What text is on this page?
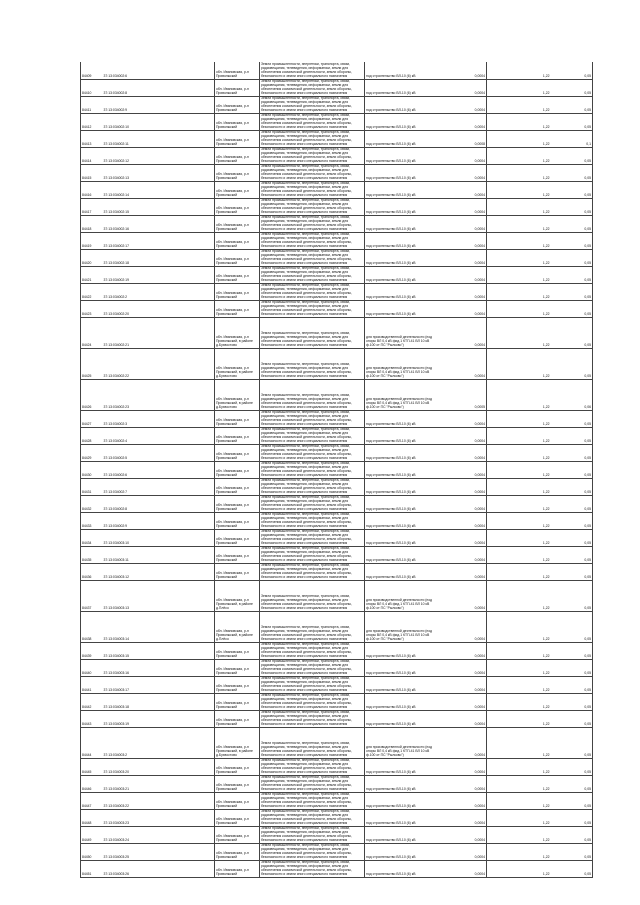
84409	37:13:034002:6	обл. Ивановская, р-н Приволжский	Земли промышленности, энергетики, транспорта, связи, радиовещания, телевидения, информатики, земли для обеспечения космической деятельности, земли обороны, безопасности и земли иного специального назначения	под строительство ВЛ-10 (6) кВ	0,0004	1,22	0,05
84410	37:13:034002:8	обл. Ивановская, р-н Приволжский	Земли промышленности, энергетики, транспорта, связи, радиовещания, телевидения, информатики, земли для обеспечения космической деятельности, земли обороны, безопасности и земли иного специального назначения	под строительство ВЛ-10 (6) кВ	0,0004	1,22	0,05
84411	37:13:034002:9	обл. Ивановская, р-н Приволжский	Земли промышленности, энергетики, транспорта, связи, радиовещания, телевидения, информатики, земли для обеспечения космической деятельности, земли обороны, безопасности и земли иного специального назначения	под строительство ВЛ-10 (6) кВ	0,0004	1,22	0,05
84412	37:13:034002:10	обл. Ивановская, р-н Приволжский	Земли промышленности, энергетики, транспорта, связи, радиовещания, телевидения, информатики, земли для обеспечения космической деятельности, земли обороны, безопасности и земли иного специального назначения	под строительство ВЛ-10 (6) кВ	0,0004	1,22	0,05
84413	37:13:034002:11	обл. Ивановская, р-н Приволжский	Земли промышленности, энергетики, транспорта, связи, радиовещания, телевидения, информатики, земли для обеспечения космической деятельности, земли обороны, безопасности и земли иного специального назначения	под строительство ВЛ-10 (6) кВ	0,0008	1,22	0,1
84414	37:13:034002:12	обл. Ивановская, р-н Приволжский	Земли промышленности, энергетики, транспорта, связи, радиовещания, телевидения, информатики, земли для обеспечения космической деятельности, земли обороны, безопасности и земли иного специального назначения	под строительство ВЛ-10 (6) кВ	0,0004	1,22	0,05
84415	37:13:034002:13	обл. Ивановская, р-н Приволжский	Земли промышленности, энергетики, транспорта, связи, радиовещания, телевидения, информатики, земли для обеспечения космической деятельности, земли обороны, безопасности и земли иного специального назначения	под строительство ВЛ-10 (6) кВ	0,0004	1,22	0,05
84416	37:13:034002:14	обл. Ивановская, р-н Приволжский	Земли промышленности, энергетики, транспорта, связи, радиовещания, телевидения, информатики, земли для обеспечения космической деятельности, земли обороны, безопасности и земли иного специального назначения	под строительство ВЛ-10 (6) кВ	0,0004	1,22	0,05
84417	37:13:034002:15	обл. Ивановская, р-н Приволжский	Земли промышленности, энергетики, транспорта, связи, радиовещания, телевидения, информатики, земли для обеспечения космической деятельности, земли обороны, безопасности и земли иного специального назначения	под строительство ВЛ-10 (6) кВ	0,0004	1,22	0,05
84418	37:13:034002:16	обл. Ивановская, р-н Приволжский	Земли промышленности, энергетики, транспорта, связи, радиовещания, телевидения, информатики, земли для обеспечения космической деятельности, земли обороны, безопасности и земли иного специального назначения	под строительство ВЛ-10 (6) кВ	0,0004	1,22	0,05
84419	37:13:034002:17	обл. Ивановская, р-н Приволжский	Земли промышленности, энергетики, транспорта, связи, радиовещания, телевидения, информатики, земли для обеспечения космической деятельности, земли обороны, безопасности и земли иного специального назначения	под строительство ВЛ-10 (6) кВ	0,0004	1,22	0,05
84420	37:13:034002:18	обл. Ивановская, р-н Приволжский	Земли промышленности, энергетики, транспорта, связи, радиовещания, телевидения, информатики, земли для обеспечения космической деятельности, земли обороны, безопасности и земли иного специального назначения	под строительство ВЛ-10 (6) кВ	0,0004	1,22	0,05
84421	37:13:034002:19	обл. Ивановская, р-н Приволжский	Земли промышленности, энергетики, транспорта, связи, радиовещания, телевидения, информатики, земли для обеспечения космической деятельности, земли обороны, безопасности и земли иного специального назначения	под строительство ВЛ-10 (6) кВ	0,0004	1,22	0,05
84422	37:13:034002:2	обл. Ивановская, р-н Приволжский	Земли промышленности, энергетики, транспорта, связи, радиовещания, телевидения, информатики, земли для обеспечения космической деятельности, земли обороны, безопасности и земли иного специального назначения	под строительство ВЛ-10 (6) кВ	0,0004	1,22	0,05
84423	37:13:034002:20	обл. Ивановская, р-н Приволжский	Земли промышленности, энергетики, транспорта, связи, радиовещания, телевидения, информатики, земли для обеспечения космической деятельности, земли обороны, безопасности и земли иного специального назначения	под строительство ВЛ-10 (6) кВ	0,0004	1,22	0,05
84424	37:13:034002:21	обл. Ивановская, р-н Приволжский, в районе д.Бухвостово	Земли промышленности, энергетики, транспорта, связи, радиовещания, телевидения, информатики, земли для обеспечения космической деятельности, земли обороны, безопасности и земли иного специального назначения	для производственной деятельности (под опоры ВЛ 0,4 кВ фид.1 КТП-41 ВЛ 10 кВ ф.100 от ПС "Рылково")	0,0004	1,22	0,05
84425	37:13:034002:22	обл. Ивановская, р-н Приволжский, в районе д.Бухвостово	Земли промышленности, энергетики, транспорта, связи, радиовещания, телевидения, информатики, земли для обеспечения космической деятельности, земли обороны, безопасности и земли иного специального назначения	для производственной деятельности (под опоры ВЛ 0,4 кВ фид.1 КТП-41 ВЛ 10 кВ ф.100 от ПС "Рылково")	0,0004	1,22	0,05
84426	37:13:034002:23	обл. Ивановская, р-н Приволжский, в районе д.Бухвостово	Земли промышленности, энергетики, транспорта, связи, радиовещания, телевидения, информатики, земли для обеспечения космической деятельности, земли обороны, безопасности и земли иного специального назначения	для производственной деятельности (под опоры ВЛ 0,4 кВ фид.1 КТП-41 ВЛ 10 кВ ф.100 от ПС "Рылково")	0,0005	1,22	0,06
84427	37:13:034002:3	обл. Ивановская, р-н Приволжский	Земли промышленности, энергетики, транспорта, связи, радиовещания, телевидения, информатики, земли для обеспечения космической деятельности, земли обороны, безопасности и земли иного специального назначения	под строительство ВЛ-10 (6) кВ	0,0004	1,22	0,05
84428	37:13:034002:4	обл. Ивановская, р-н Приволжский	Земли промышленности, энергетики, транспорта, связи, радиовещания, телевидения, информатики, земли для обеспечения космической деятельности, земли обороны, безопасности и земли иного специального назначения	под строительство ВЛ-10 (6) кВ	0,0004	1,22	0,05
84429	37:13:034002:5	обл. Ивановская, р-н Приволжский	Земли промышленности, энергетики, транспорта, связи, радиовещания, телевидения, информатики, земли для обеспечения космической деятельности, земли обороны, безопасности и земли иного специального назначения	под строительство ВЛ-10 (6) кВ	0,0004	1,22	0,05
84430	37:13:034002:6	обл. Ивановская, р-н Приволжский	Земли промышленности, энергетики, транспорта, связи, радиовещания, телевидения, информатики, земли для обеспечения космической деятельности, земли обороны, безопасности и земли иного специального назначения	под строительство ВЛ-10 (6) кВ	0,0004	1,22	0,05
84431	37:13:034002:7	обл. Ивановская, р-н Приволжский	Земли промышленности, энергетики, транспорта, связи, радиовещания, телевидения, информатики, земли для обеспечения космической деятельности, земли обороны, безопасности и земли иного специального назначения	под строительство ВЛ-10 (6) кВ	0,0004	1,22	0,05
84432	37:13:034002:8	обл. Ивановская, р-н Приволжский	Земли промышленности, энергетики, транспорта, связи, радиовещания, телевидения, информатики, земли для обеспечения космической деятельности, земли обороны, безопасности и земли иного специального назначения	под строительство ВЛ-10 (6) кВ	0,0004	1,22	0,05
84433	37:13:034002:9	обл. Ивановская, р-н Приволжский	Земли промышленности, энергетики, транспорта, связи, радиовещания, телевидения, информатики, земли для обеспечения космической деятельности, земли обороны, безопасности и земли иного специального назначения	под строительство ВЛ-10 (6) кВ	0,0004	1,22	0,05
84434	37:13:034003:10	обл. Ивановская, р-н Приволжский	Земли промышленности, энергетики, транспорта, связи, радиовещания, телевидения, информатики, земли для обеспечения космической деятельности, земли обороны, безопасности и земли иного специального назначения	под строительство ВЛ-10 (6) кВ	0,0004	1,22	0,05
84435	37:13:034003:11	обл. Ивановская, р-н Приволжский	Земли промышленности, энергетики, транспорта, связи, радиовещания, телевидения, информатики, земли для обеспечения космической деятельности, земли обороны, безопасности и земли иного специального назначения	под строительство ВЛ-10 (6) кВ	0,0004	1,22	0,05
84436	37:13:034003:12	обл. Ивановская, р-н Приволжский	Земли промышленности, энергетики, транспорта, связи, радиовещания, телевидения, информатики, земли для обеспечения космической деятельности, земли обороны, безопасности и земли иного специального назначения	под строительство ВЛ-10 (6) кВ	0,0004	1,22	0,05
84437	37:13:034003:13	обл. Ивановская, р-н Приволжский, в районе д.Плёсо	Земли промышленности, энергетики, транспорта, связи, радиовещания, телевидения, информатики, земли для обеспечения космической деятельности, земли обороны, безопасности и земли иного специального назначения	для производственной деятельности (под опоры ВЛ 0,4 кВ фид.1 КТП-41 ВЛ 10 кВ ф.100 от ПС "Рылково")	0,0004	1,22	0,05
84438	37:13:034003:14	обл. Ивановская, р-н Приволжский, в районе д.Плёсо	Земли промышленности, энергетики, транспорта, связи, радиовещания, телевидения, информатики, земли для обеспечения космической деятельности, земли обороны, безопасности и земли иного специального назначения	для производственной деятельности (под опоры ВЛ 0,4 кВ фид.1 КТП-41 ВЛ 10 кВ ф.100 от ПС "Рылково")	0,0004	1,22	0,05
84439	37:13:034003:15	обл. Ивановская, р-н Приволжский	Земли промышленности, энергетики, транспорта, связи, радиовещания, телевидения, информатики, земли для обеспечения космической деятельности, земли обороны, безопасности и земли иного специального назначения	под строительство ВЛ-10 (6) кВ	0,0004	1,22	0,05
84440	37:13:034003:16	обл. Ивановская, р-н Приволжский	Земли промышленности, энергетики, транспорта, связи, радиовещания, телевидения, информатики, земли для обеспечения космической деятельности, земли обороны, безопасности и земли иного специального назначения	под строительство ВЛ-10 (6) кВ	0,0004	1,22	0,05
84441	37:13:034003:17	обл. Ивановская, р-н Приволжский	Земли промышленности, энергетики, транспорта, связи, радиовещания, телевидения, информатики, земли для обеспечения космической деятельности, земли обороны, безопасности и земли иного специального назначения	под строительство ВЛ-10 (6) кВ	0,0004	1,22	0,05
84442	37:13:034003:18	обл. Ивановская, р-н Приволжский	Земли промышленности, энергетики, транспорта, связи, радиовещания, телевидения, информатики, земли для обеспечения космической деятельности, земли обороны, безопасности и земли иного специального назначения	под строительство ВЛ-10 (6) кВ	0,0004	1,22	0,05
84443	37:13:034003:19	обл. Ивановская, р-н Приволжский	Земли промышленности, энергетики, транспорта, связи, радиовещания, телевидения, информатики, земли для обеспечения космической деятельности, земли обороны, безопасности и земли иного специального назначения	под строительство ВЛ-10 (6) кВ	0,0004	1,22	0,05
84444	37:13:034003:2	обл. Ивановская, р-н Приволжский, в районе д.Бухвостово	Земли промышленности, энергетики, транспорта, связи, радиовещания, телевидения, информатики, земли для обеспечения космической деятельности, земли обороны, безопасности и земли иного специального назначения	для производственной деятельности (под опоры ВЛ 0,4 кВ фид.1 КТП-41 ВЛ 10 кВ ф.100 от ПС "Рылково")	0,0004	1,22	0,05
84445	37:13:034003:20	обл. Ивановская, р-н Приволжский	Земли промышленности, энергетики, транспорта, связи, радиовещания, телевидения, информатики, земли для обеспечения космической деятельности, земли обороны, безопасности и земли иного специального назначения	под строительство ВЛ-10 (6) кВ	0,0004	1,22	0,05
84446	37:13:034003:21	обл. Ивановская, р-н Приволжский	Земли промышленности, энергетики, транспорта, связи, радиовещания, телевидения, информатики, земли для обеспечения космической деятельности, земли обороны, безопасности и земли иного специального назначения	под строительство ВЛ-10 (6) кВ	0,0004	1,22	0,05
84447	37:13:034003:22	обл. Ивановская, р-н Приволжский	Земли промышленности, энергетики, транспорта, связи, радиовещания, телевидения, информатики, земли для обеспечения космической деятельности, земли обороны, безопасности и земли иного специального назначения	под строительство ВЛ-10 (6) кВ	0,0004	1,22	0,05
84448	37:13:034003:23	обл. Ивановская, р-н Приволжский	Земли промышленности, энергетики, транспорта, связи, радиовещания, телевидения, информатики, земли для обеспечения космической деятельности, земли обороны, безопасности и земли иного специального назначения	под строительство ВЛ-10 (6) кВ	0,0004	1,22	0,05
84449	37:13:034003:24	обл. Ивановская, р-н Приволжский	Земли промышленности, энергетики, транспорта, связи, радиовещания, телевидения, информатики, земли для обеспечения космической деятельности, земли обороны, безопасности и земли иного специального назначения	под строительство ВЛ-10 (6) кВ	0,0004	1,22	0,05
84450	37:13:034003:25	обл. Ивановская, р-н Приволжский	Земли промышленности, энергетики, транспорта, связи, радиовещания, телевидения, информатики, земли для обеспечения космической деятельности, земли обороны, безопасности и земли иного специального назначения	под строительство ВЛ-10 (6) кВ	0,0004	1,22	0,05
84451	37:13:034003:26	обл. Ивановская, р-н Приволжский	Земли промышленности, энергетики, транспорта, связи, радиовещания, телевидения, информатики, земли для обеспечения космической деятельности, земли обороны, безопасности и земли иного специального назначения	под строительство ВЛ-10 (6) кВ	0,0004	1,22	0,05
